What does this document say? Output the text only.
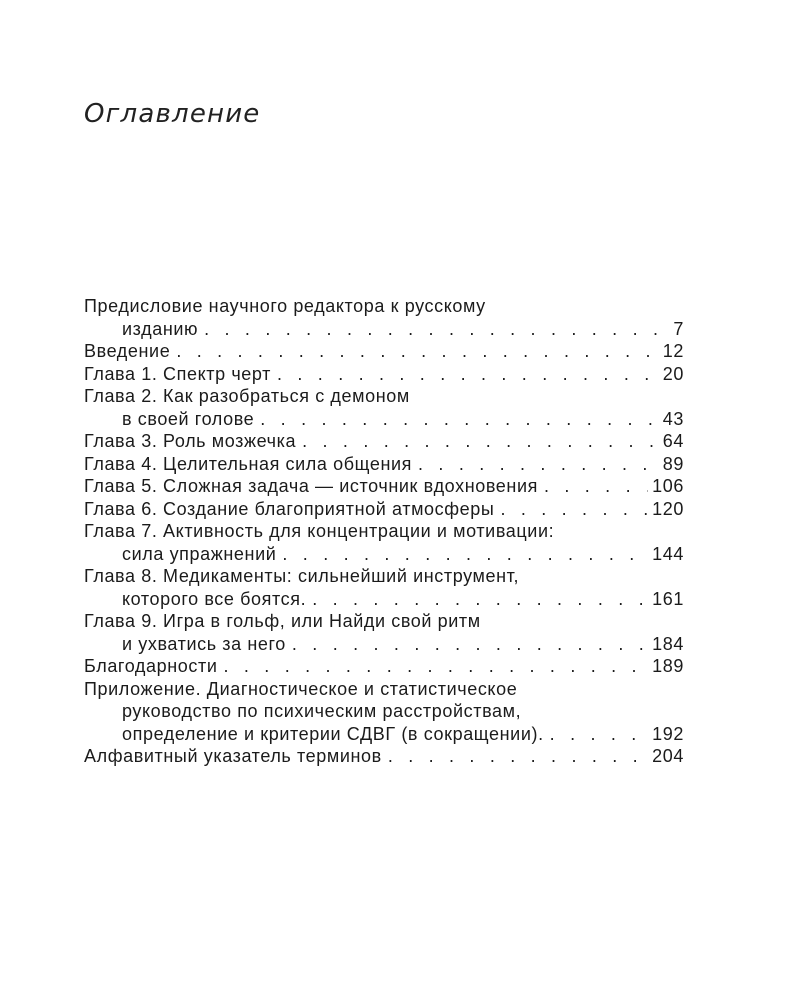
Оглавление
Предисловие научного редактора к русскому
изданию . . .	7
Введение . . .	12
Глава 1. Спектр черт . . .	20
Глава 2. Как разобраться с демоном
в своей голове . . .	43
Глава 3. Роль мозжечка . . .	64
Глава 4. Целительная сила общения . . .	89
Глава 5. Сложная задача — источник вдохновения . . .	106
Глава 6. Создание благоприятной атмосферы . . .	120
Глава 7. Активность для концентрации и мотивации:
сила упражнений . . .	144
Глава 8. Медикаменты: сильнейший инструмент,
которого все боятся. . . .	161
Глава 9. Игра в гольф, или Найди свой ритм
и ухватись за него . . .	184
Благодарности . . .	189
Приложение. Диагностическое и статистическое
руководство по психическим расстройствам,
определение и критерии СДВГ (в сокращении). . . .	192
Алфавитный указатель терминов . . .	204
